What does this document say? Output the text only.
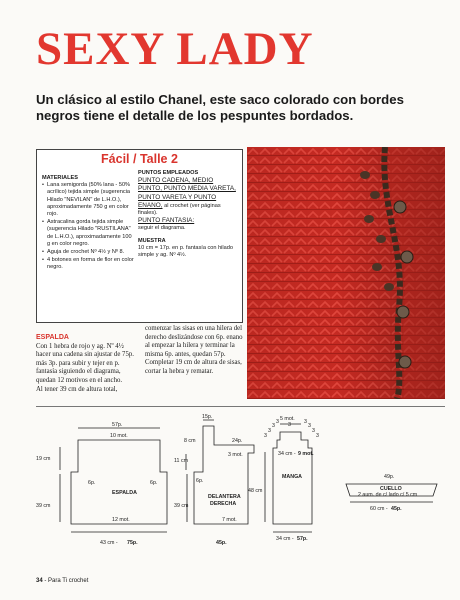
SEXY LADY

Un clásico al estilo Chanel, este saco colorado con bordes negros tiene el detalle de los pespuntes bordados.

Fácil / Talle 2
MATERIALES
• Lana semigorda (50% lana - 50% acrílico) tejida simple (sugerencia Hilado "NEVILAN" de L.H.O.), aproximadamente 750 g en color rojo.
• Astracalina gorda tejida simple (sugerencia Hilado "RUSTILANA" de L.H.O.), aproximadamente 100 g en color negro.
• Aguja de crochet Nº 4½ y Nº 8.
• 4 botones en forma de flor en color negro.
PUNTOS EMPLEADOS
PUNTO CADENA, MEDIO PUNTO, PUNTO MEDIA VARETA, PUNTO VARETA Y PUNTO ENANO, al crochet (ver páginas finales).
PUNTO FANTASIA:
seguir el diagrama.
MUESTRA
10 cm = 17p. en p. fantasía con hilado simple y ag. Nº 4½.
ESPALDA
Con 1 hebra de rojo y ag. Nº 4½ hacer una cadena sin ajustar de 75p. más 3p. para subir y tejer en p. fantasía siguiendo el diagrama, quedan 12 motivos en el ancho.
Al tener 39 cm de altura total,
comenzar las sisas en una hilera del derecho deslizándose con 6p. enano al empezar la hilera y terminar la misma 6p. antes, quedan 57p.
Completar 19 cm de altura de sisas, cortar la hebra y rematar.
57p.
10 mot.
19 cm
6p.	6p.
ESPALDA
39 cm
12 mot.
43 cm - 75p.
15p.
8 cm	24p.
3 mot.
11 cm
6p.
DELANTERA
DERECHA
39 cm
7 mot.
45p.
5 mot.
3
3
3	3
3
3
3	3
3
34 cm - 9 mot.
MANGA
48 cm
34 cm - 57p.
49p.
CUELLO
2 aum. de c/ lado c/ 5 cm
60 cm - 45p.
34 - Para Ti crochet
